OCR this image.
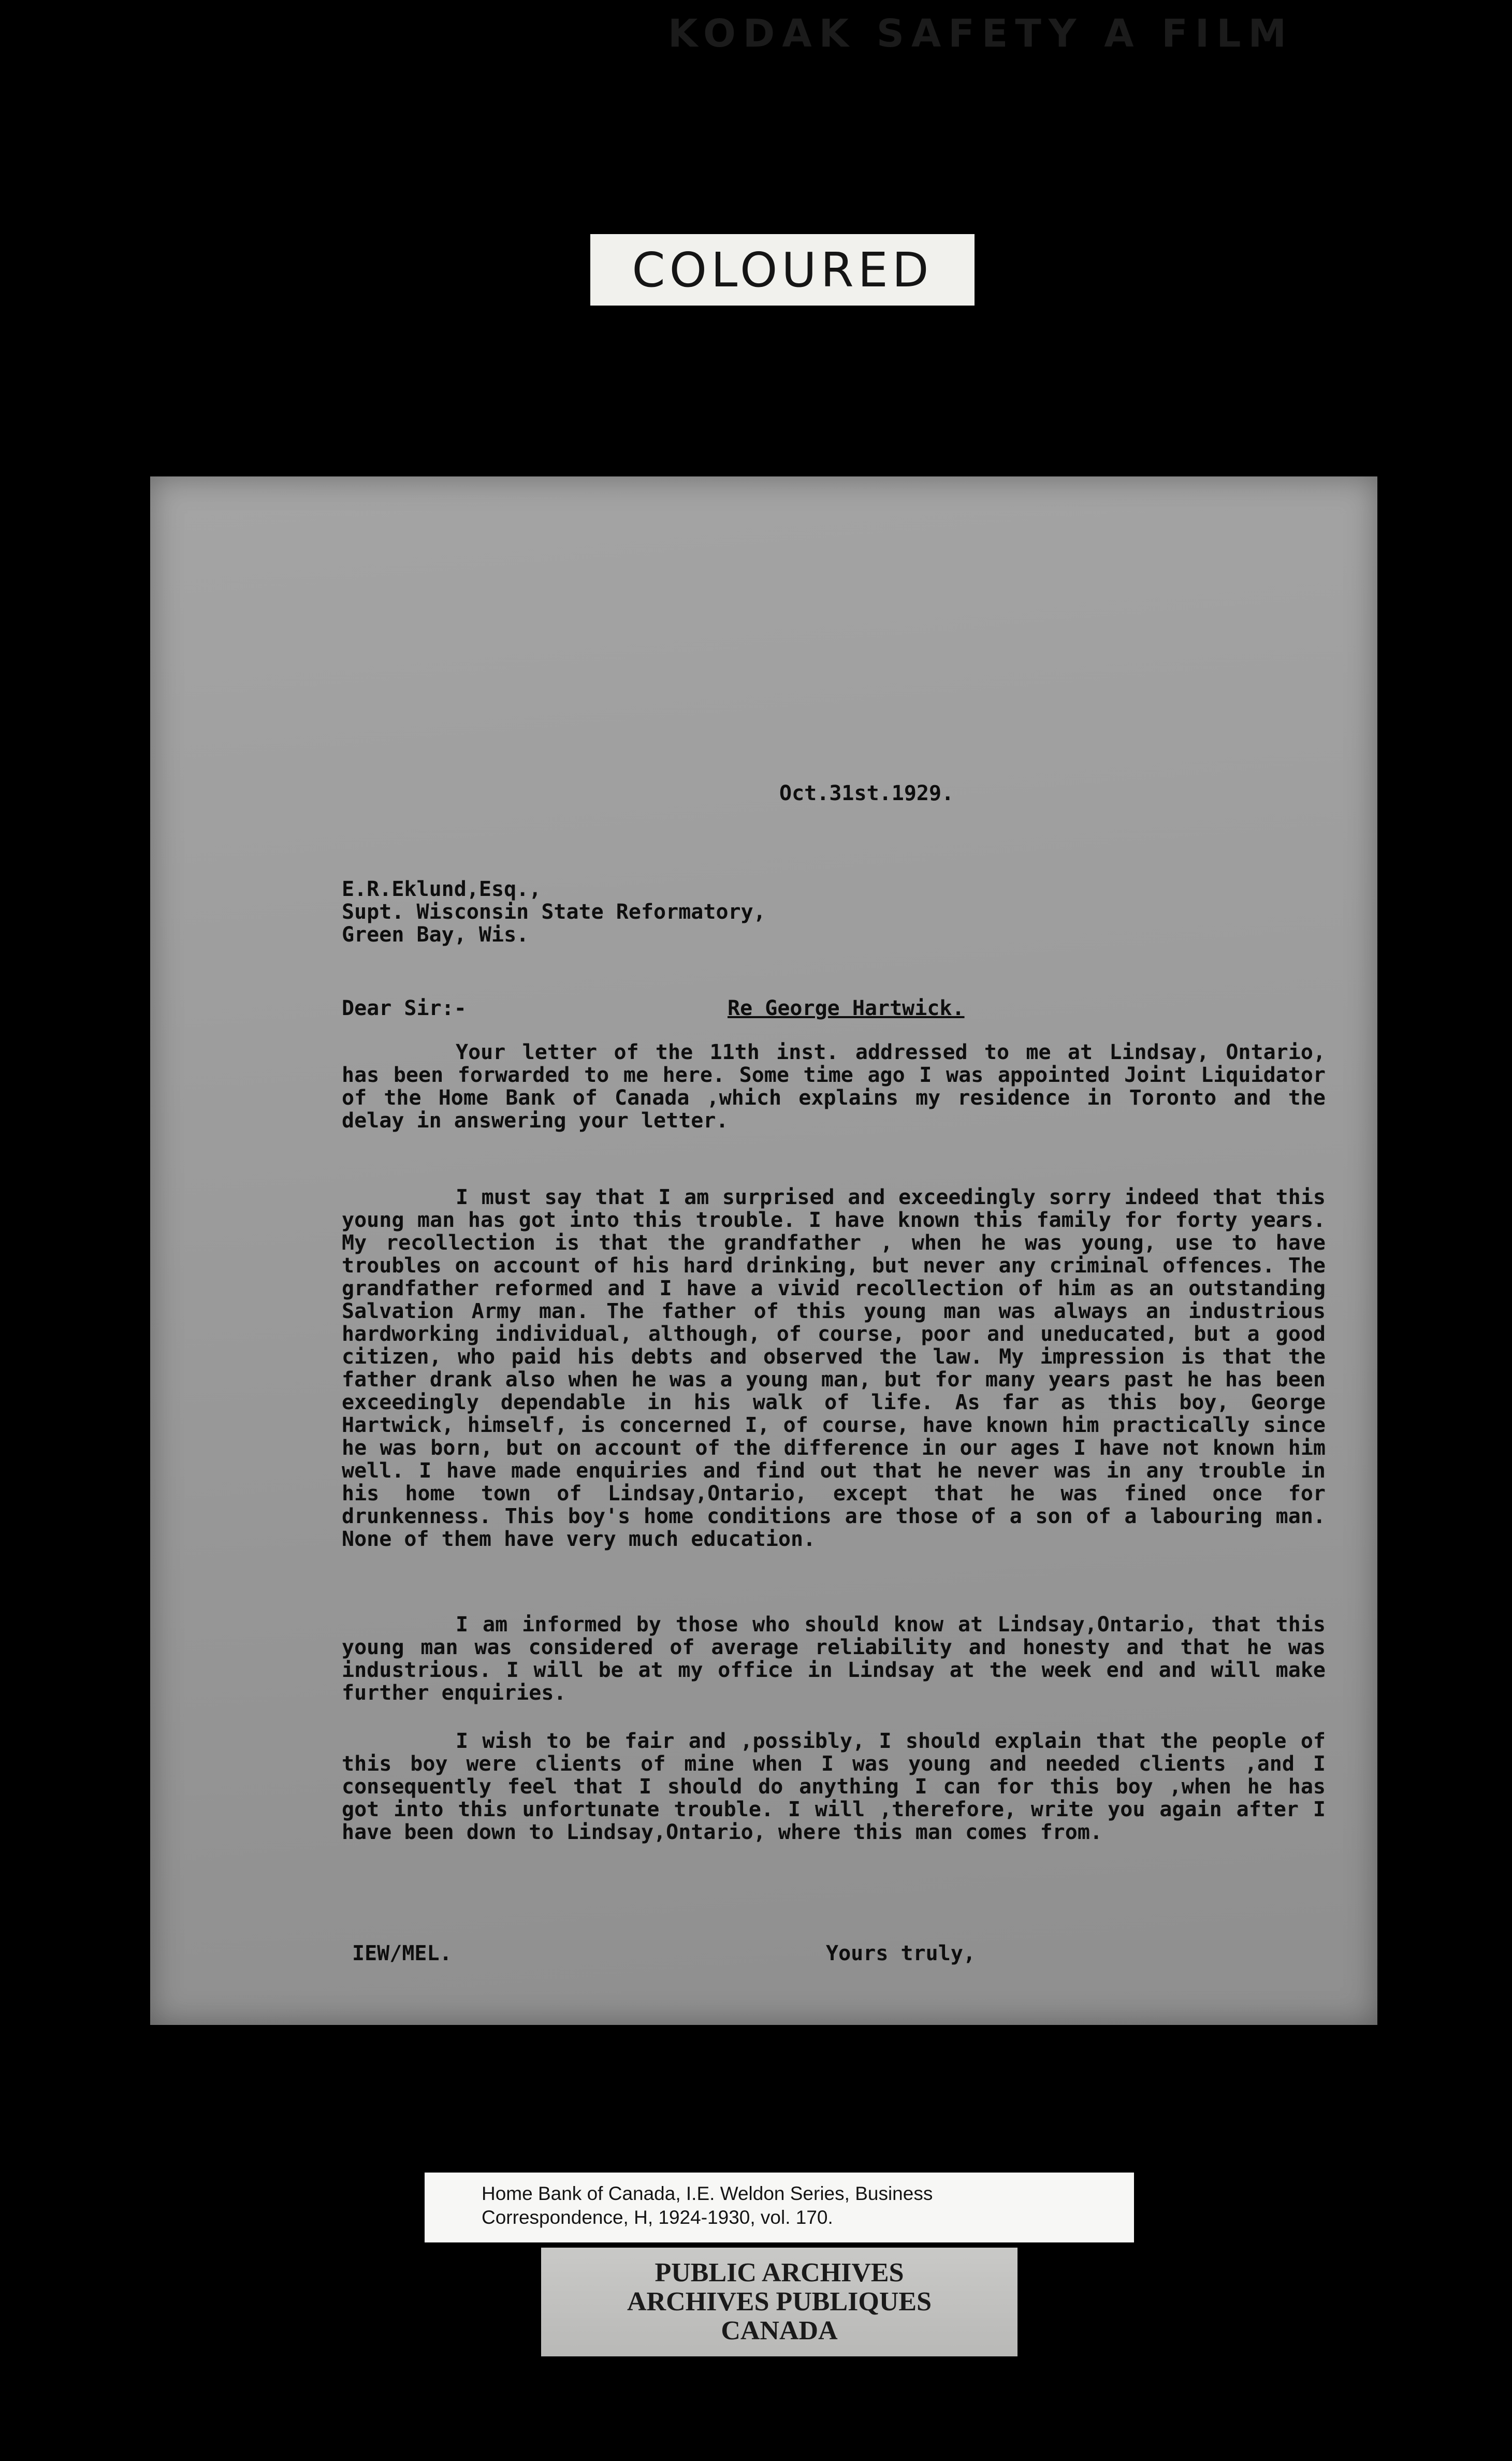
KODAK SAFETY A FILM
COLOURED
Oct.31st.1929.
E.R.Eklund,Esq.,
Supt. Wisconsin State Reformatory,
Green Bay, Wis.
Dear Sir:-	Re George Hartwick.
Your letter of the 11th inst. addressed to me at Lindsay, Ontario, has been forwarded to me here. Some time ago I was appointed Joint Liquidator of the Home Bank of Canada ,which explains my residence in Toronto and the delay in answering your letter.
I must say that I am surprised and exceedingly sorry indeed that this young man has got into this trouble. I have known this family for forty years. My recollection is that the grandfather , when he was young, use to have troubles on account of his hard drinking, but never any criminal offences. The grandfather reformed and I have a vivid recollection of him as an outstanding Salvation Army man. The father of this young man was always an industrious hardworking individual, although, of course, poor and uneducated, but a good citizen, who paid his debts and observed the law. My impression is that the father drank also when he was a young man, but for many years past he has been exceedingly dependable in his walk of life. As far as this boy, George Hartwick, himself, is concerned I, of course, have known him practically since he was born, but on account of the difference in our ages I have not known him well. I have made enquiries and find out that he never was in any trouble in his home town of Lindsay,Ontario, except that he was fined once for drunkenness. This boy's home conditions are those of a son of a labouring man. None of them have very much education.
I am informed by those who should know at Lindsay,Ontario, that this young man was considered of average reliability and honesty and that he was industrious. I will be at my office in Lindsay at the week end and will make further enquiries.
I wish to be fair and ,possibly, I should explain that the people of this boy were clients of mine when I was young and needed clients ,and I consequently feel that I should do anything I can for this boy ,when he has got into this unfortunate trouble. I will ,therefore, write you again after I have been down to Lindsay,Ontario, where this man comes from.
IEW/MEL.	Yours truly,
Home Bank of Canada, I.E. Weldon Series, Business
Correspondence, H, 1924-1930, vol. 170.
PUBLIC ARCHIVES
ARCHIVES PUBLIQUES
CANADA
